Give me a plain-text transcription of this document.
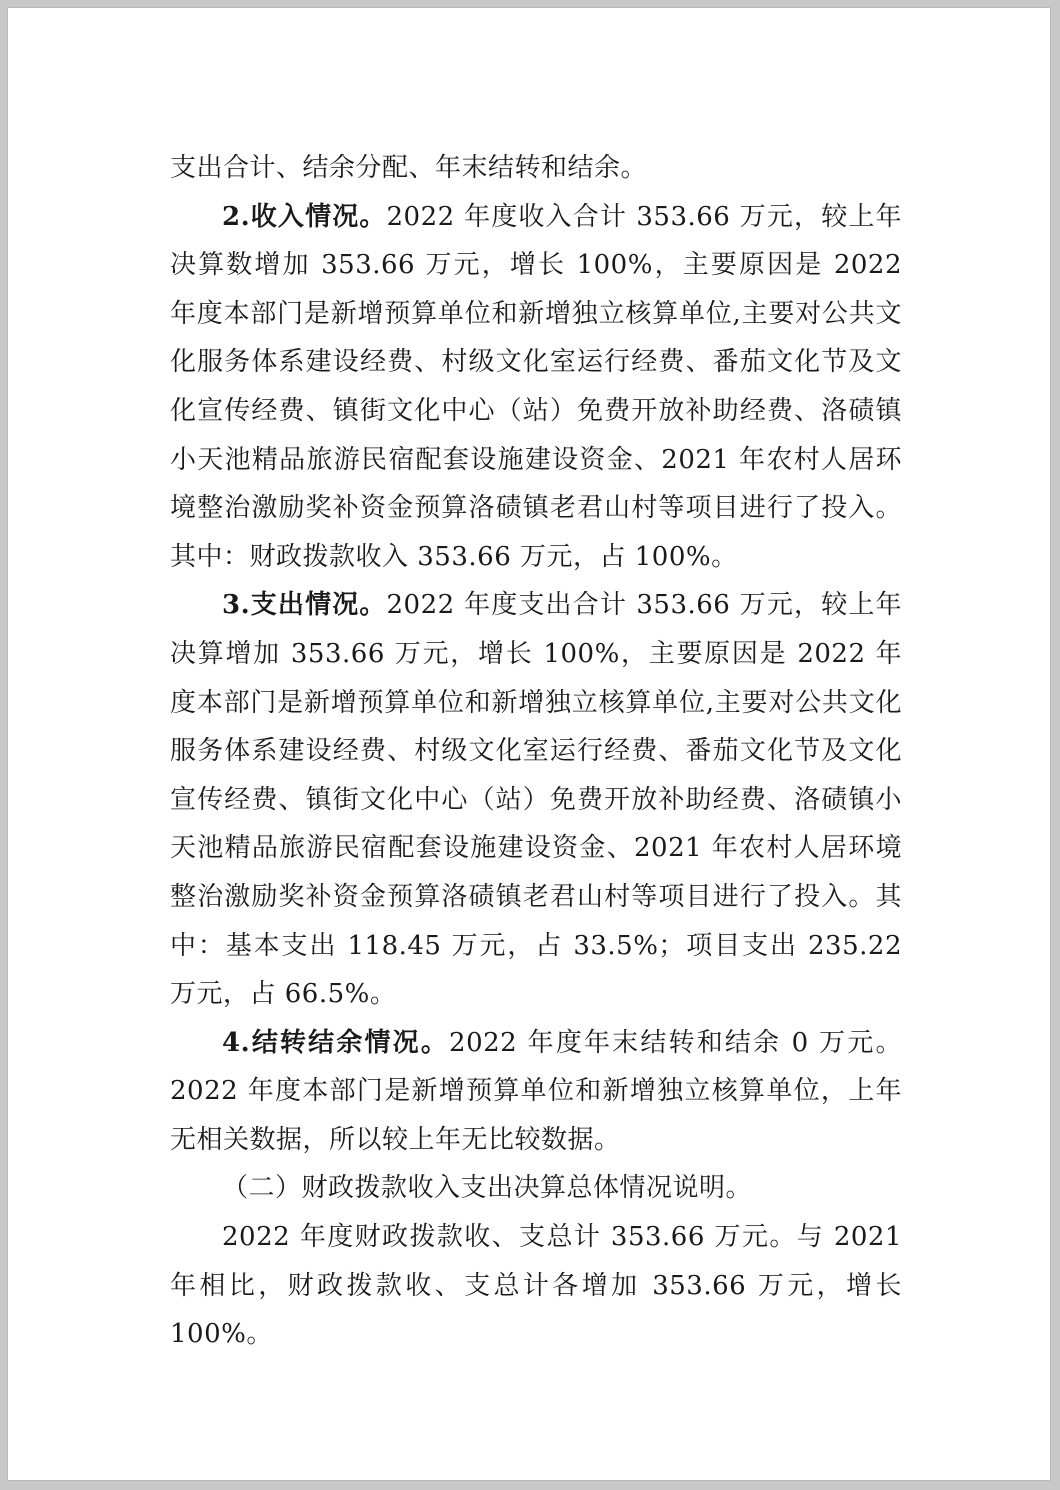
支出合计、结余分配、年末结转和结余。

2.收入情况。2022 年度收入合计 353.66 万元，较上年决算数增加 353.66 万元，增长 100%，主要原因是 2022 年度本部门是新增预算单位和新增独立核算单位,主要对公共文化服务体系建设经费、村级文化室运行经费、番茄文化节及文化宣传经费、镇街文化中心（站）免费开放补助经费、洛碛镇小天池精品旅游民宿配套设施建设资金、2021 年农村人居环境整治激励奖补资金预算洛碛镇老君山村等项目进行了投入。其中：财政拨款收入 353.66 万元，占 100%。

3.支出情况。2022 年度支出合计 353.66 万元，较上年决算增加 353.66 万元，增长 100%，主要原因是 2022 年度本部门是新增预算单位和新增独立核算单位,主要对公共文化服务体系建设经费、村级文化室运行经费、番茄文化节及文化宣传经费、镇街文化中心（站）免费开放补助经费、洛碛镇小天池精品旅游民宿配套设施建设资金、2021 年农村人居环境整治激励奖补资金预算洛碛镇老君山村等项目进行了投入。其中：基本支出 118.45 万元，占 33.5%；项目支出 235.22 万元，占 66.5%。

4.结转结余情况。2022 年度年末结转和结余 0 万元。2022 年度本部门是新增预算单位和新增独立核算单位，上年无相关数据，所以较上年无比较数据。

（二）财政拨款收入支出决算总体情况说明。

2022 年度财政拨款收、支总计 353.66 万元。与 2021 年相比，财政拨款收、支总计各增加 353.66 万元，增长 100%。
